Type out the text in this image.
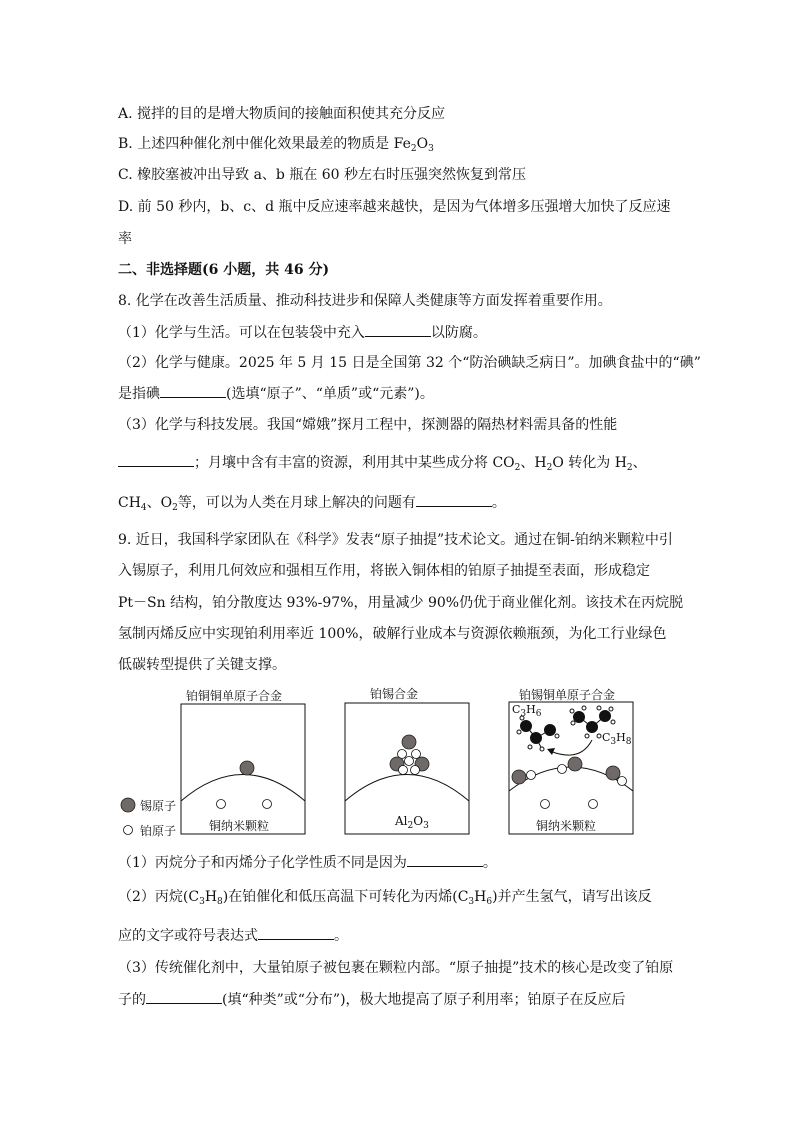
A. 搅拌的目的是增大物质间的接触面积使其充分反应
B. 上述四种催化剂中催化效果最差的物质是 $Fe_2O_3$
C. 橡胶塞被冲出导致 a、b 瓶在 60 秒左右时压强突然恢复到常压
D. 前 50 秒内，b、c、d 瓶中反应速率越来越快，是因为气体增多压强增大加快了反应速
率
二、非选择题(6 小题，共 46 分)
8. 化学在改善生活质量、推动科技进步和保障人类健康等方面发挥着重要作用。
（1）化学与生活。可以在包装袋中充入	以防腐。
（2）化学与健康。2025 年 5 月 15 日是全国第 32 个“防治碘缺乏病日”。加碘食盐中的“碘”
是指碘	(选填“原子”、“单质”或“元素”)。
（3）化学与科技发展。我国“嫦娥”探月工程中，探测器的隔热材料需具备的性能
；月壤中含有丰富的资源，利用其中某些成分将 $CO_2$、$H_2O$ 转化为 $H_2$、
$CH_4$、$O_2$等，可以为人类在月球上解决的问题有	。
9. 近日，我国科学家团队在《科学》发表“原子抽提”技术论文。通过在铜-铂纳米颗粒中引
入锡原子，利用几何效应和强相互作用，将嵌入铜体相的铂原子抽提至表面，形成稳定
Pt－Sn 结构，铂分散度达 93%-97%，用量减少 90%仍优于商业催化剂。该技术在丙烷脱
氢制丙烯反应中实现铂利用率近 100%，破解行业成本与资源依赖瓶颈，为化工行业绿色
低碳转型提供了关键支撑。
铂铜铜单原子合金	铂锡合金	铂锡铜单原子合金
铜纳米颗粒	$Al_2O_3$	铜纳米颗粒
$C_3H_6$
$C_3H_8$
锡原子
铂原子
（1）丙烷分子和丙烯分子化学性质不同是因为	。
（2）丙烷$(C_3H_8)$在铂催化和低压高温下可转化为丙烯$(C_3H_6)$并产生氢气，请写出该反
应的文字或符号表达式	。
（3）传统催化剂中，大量铂原子被包裹在颗粒内部。“原子抽提”技术的核心是改变了铂原
子的	(填“种类”或“分布”)，极大地提高了原子利用率；铂原子在反应后
